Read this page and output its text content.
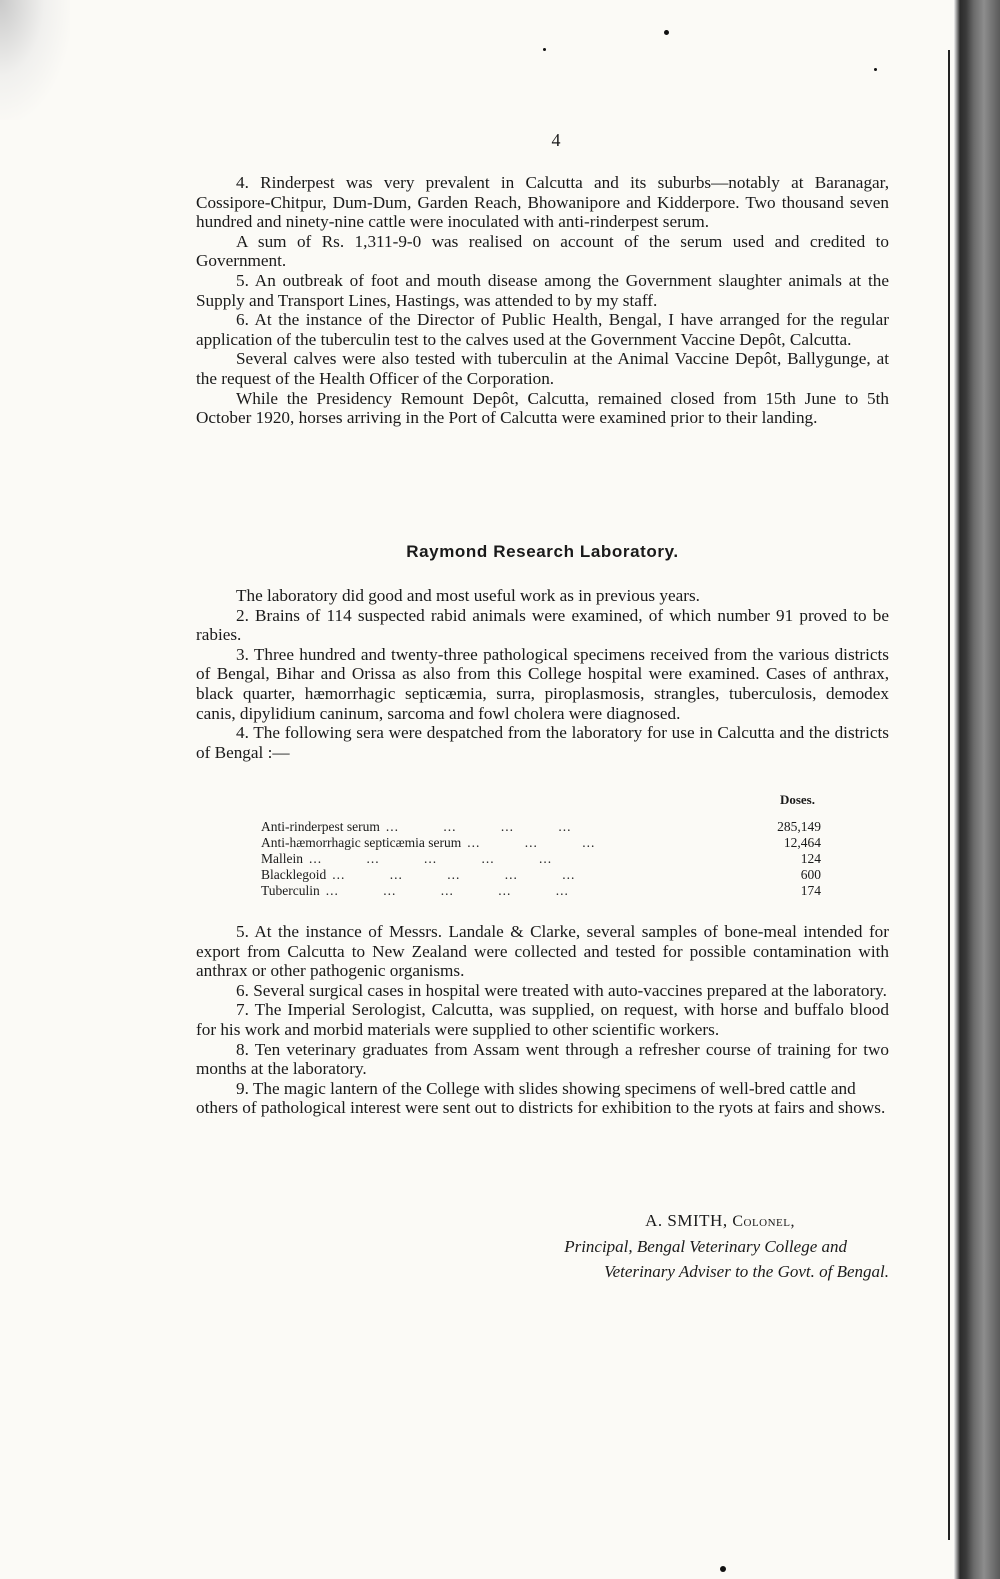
4

4. Rinderpest was very prevalent in Calcutta and its suburbs—notably at Baranagar, Cossipore-Chitpur, Dum-Dum, Garden Reach, Bhowanipore and Kidderpore. Two thousand seven hundred and ninety-nine cattle were inoculated with anti-rinderpest serum.

A sum of Rs. 1,311-9-0 was realised on account of the serum used and credited to Government.

5. An outbreak of foot and mouth disease among the Government slaughter animals at the Supply and Transport Lines, Hastings, was attended to by my staff.

6. At the instance of the Director of Public Health, Bengal, I have arranged for the regular application of the tuberculin test to the calves used at the Government Vaccine Depôt, Calcutta.

Several calves were also tested with tuberculin at the Animal Vaccine Depôt, Ballygunge, at the request of the Health Officer of the Corporation.

While the Presidency Remount Depôt, Calcutta, remained closed from 15th June to 5th October 1920, horses arriving in the Port of Calcutta were examined prior to their landing.

Raymond Research Laboratory.

The laboratory did good and most useful work as in previous years.

2. Brains of 114 suspected rabid animals were examined, of which number 91 proved to be rabies.

3. Three hundred and twenty-three pathological specimens received from the various districts of Bengal, Bihar and Orissa as also from this College hospital were examined. Cases of anthrax, black quarter, hæmorrhagic septicæmia, surra, piroplasmosis, strangles, tuberculosis, demodex canis, dipylidium caninum, sarcoma and fowl cholera were diagnosed.

4. The following sera were despatched from the laboratory for use in Calcutta and the districts of Bengal :—

Doses.
Anti-rinderpest serum ... ... ... ...	285,149
Anti-hæmorrhagic septicæmia serum ... ... ...	12,464
Mallein ... ... ... ... ...	124
Blacklegoid ... ... ... ... ...	600
Tuberculin ... ... ... ... ...	174

5. At the instance of Messrs. Landale & Clarke, several samples of bone-meal intended for export from Calcutta to New Zealand were collected and tested for possible contamination with anthrax or other pathogenic organisms.

6. Several surgical cases in hospital were treated with auto-vaccines prepared at the laboratory.

7. The Imperial Serologist, Calcutta, was supplied, on request, with horse and buffalo blood for his work and morbid materials were supplied to other scientific workers.

8. Ten veterinary graduates from Assam went through a refresher course of training for two months at the laboratory.

9. The magic lantern of the College with slides showing specimens of well-bred cattle and others of pathological interest were sent out to districts for exhibition to the ryots at fairs and shows.

A. SMITH, Colonel,
Principal, Bengal Veterinary College and
Veterinary Adviser to the Govt. of Bengal.
